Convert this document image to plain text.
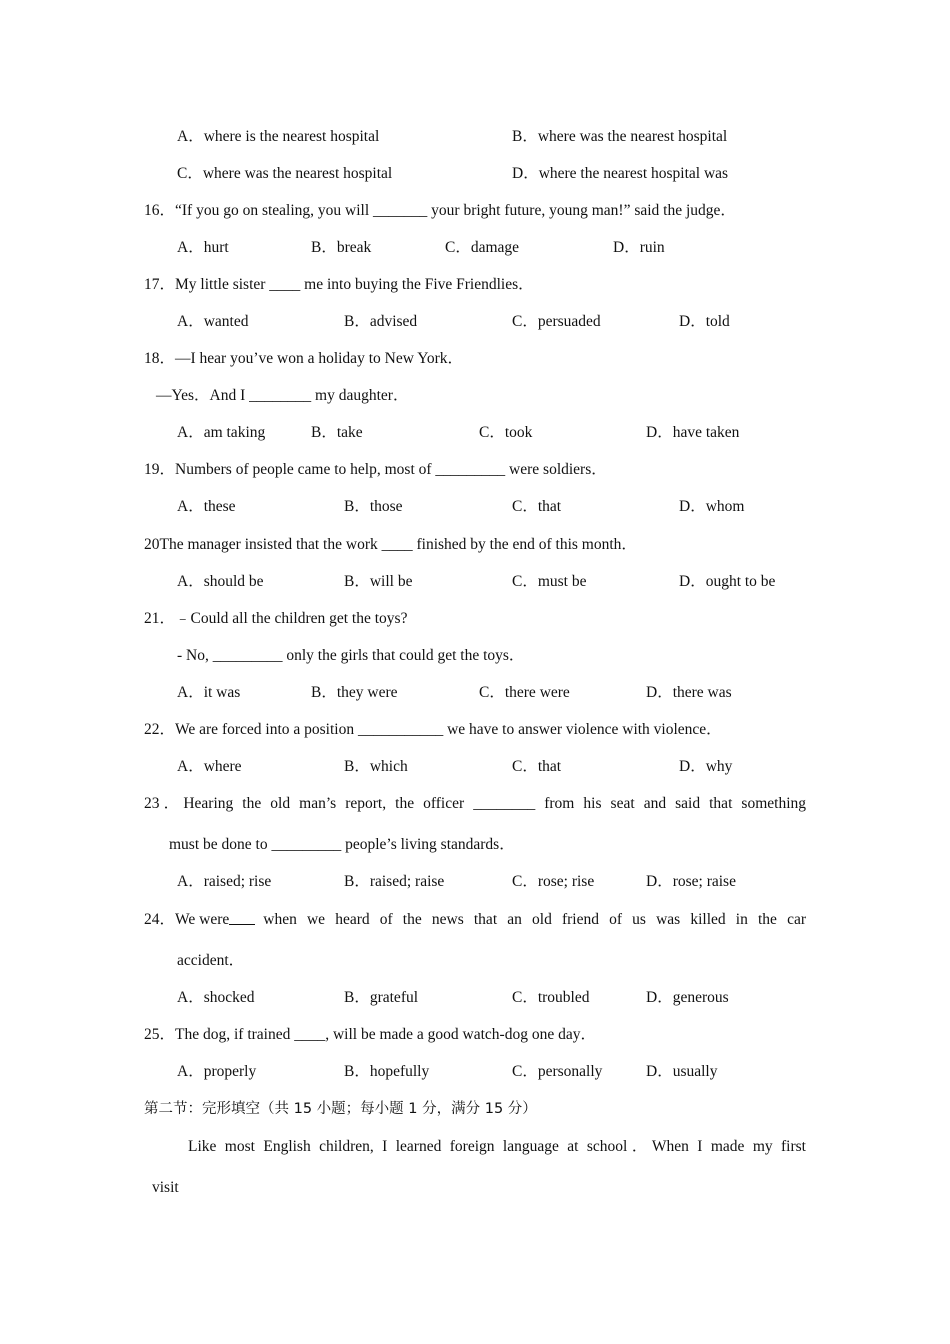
A．where is the nearest hospital	B．where was the nearest hospital
C．where was the nearest hospital	D．where the nearest hospital was
16．“If you go on stealing, you will _______ your bright future, young man!” said the judge．
A．hurt	B．break	C．damage	D．ruin
17．My little sister ____ me into buying the Five Friendlies．
A．wanted	B．advised	C．persuaded	D．told
18．—I hear you’ve won a holiday to New York．
—Yes．And I ________ my daughter．
A．am taking	B．take	C．took	D．have taken
19．Numbers of people came to help, most of _________ were soldiers．
A．these	B．those	C．that	D．whom
20The manager insisted that the work ____ finished by the end of this month．
A．should be	B．will be	C．must be	D．ought to be
21．﹣Could all the children get the toys?
- No, _________ only the girls that could get the toys．
A．it was	B．they were	C．there were	D．there was
22．We are forced into a position ___________ we have to answer violence with violence．
A．where	B．which	C．that	D．why
23．Hearing the old man’s report, the officer ________ from his seat and said that something
must be done to _________ people’s living standards．
A．raised; rise	B．raised; raise	C．rose; rise	D．rose; raise
24．We were when we heard of the news that an old friend of us was killed in the car
accident．
A．shocked	B．grateful	C．troubled	D．generous
25．The dog, if trained ____, will be made a good watch-dog one day．
A．properly	B．hopefully	C．personally	D．usually
第二节：完形填空（共 15 小题；每小题 1 分，满分 15 分）
Like most English children, I learned foreign language at school．When I made my first
visit
